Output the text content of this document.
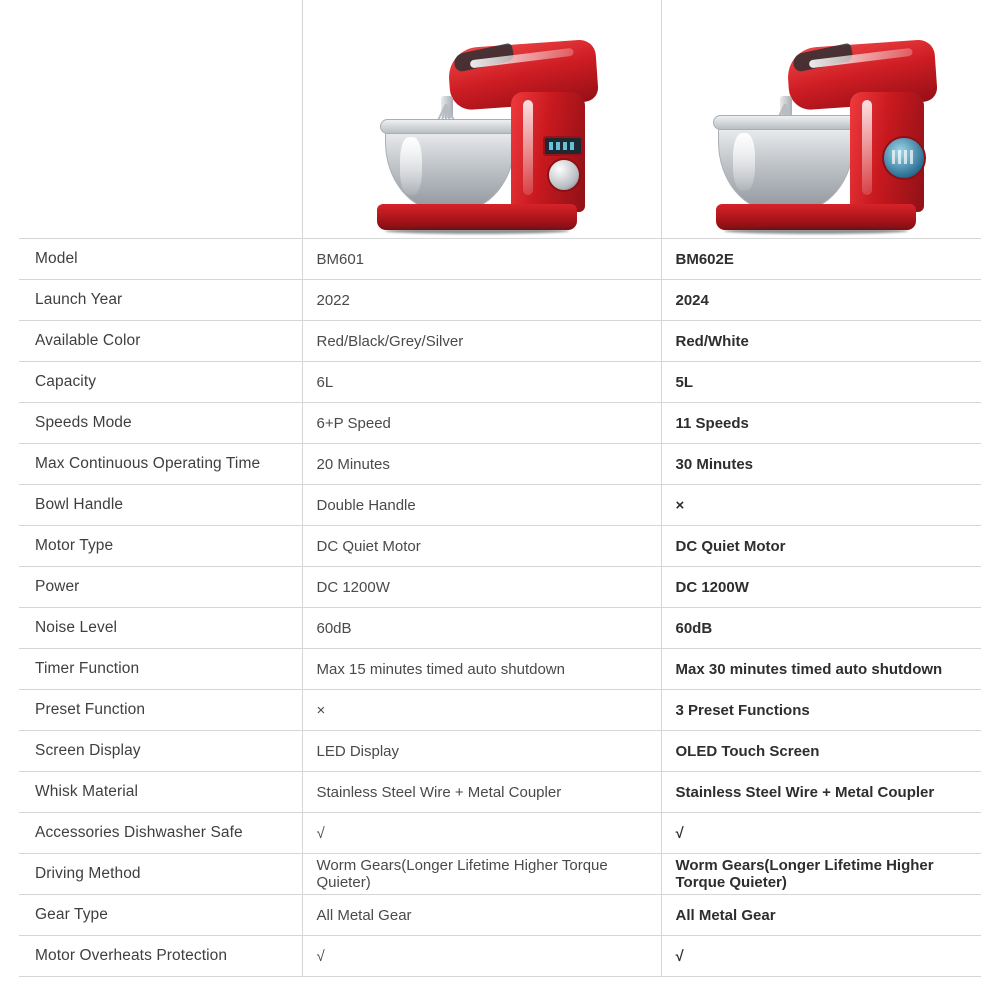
Model	BM601	BM602E
Launch Year	2022	2024
Available Color	Red/Black/Grey/Silver	Red/White
Capacity	6L	5L
Speeds Mode	6+P Speed	11 Speeds
Max Continuous Operating Time	20 Minutes	30 Minutes
Bowl Handle	Double Handle	×
Motor Type	DC Quiet Motor	DC Quiet Motor
Power	DC 1200W	DC 1200W
Noise Level	60dB	60dB
Timer Function	Max 15 minutes timed auto shutdown	Max 30 minutes timed auto shutdown
Preset Function	×	3 Preset Functions
Screen Display	LED Display	OLED Touch Screen
Whisk Material	Stainless Steel Wire + Metal Coupler	Stainless Steel Wire + Metal Coupler
Accessories Dishwasher Safe	√	√
Driving Method	Worm Gears(Longer Lifetime Higher Torque Quieter)	Worm Gears(Longer Lifetime Higher Torque Quieter)
Gear Type	All Metal Gear	All Metal Gear
Motor Overheats Protection	√	√
